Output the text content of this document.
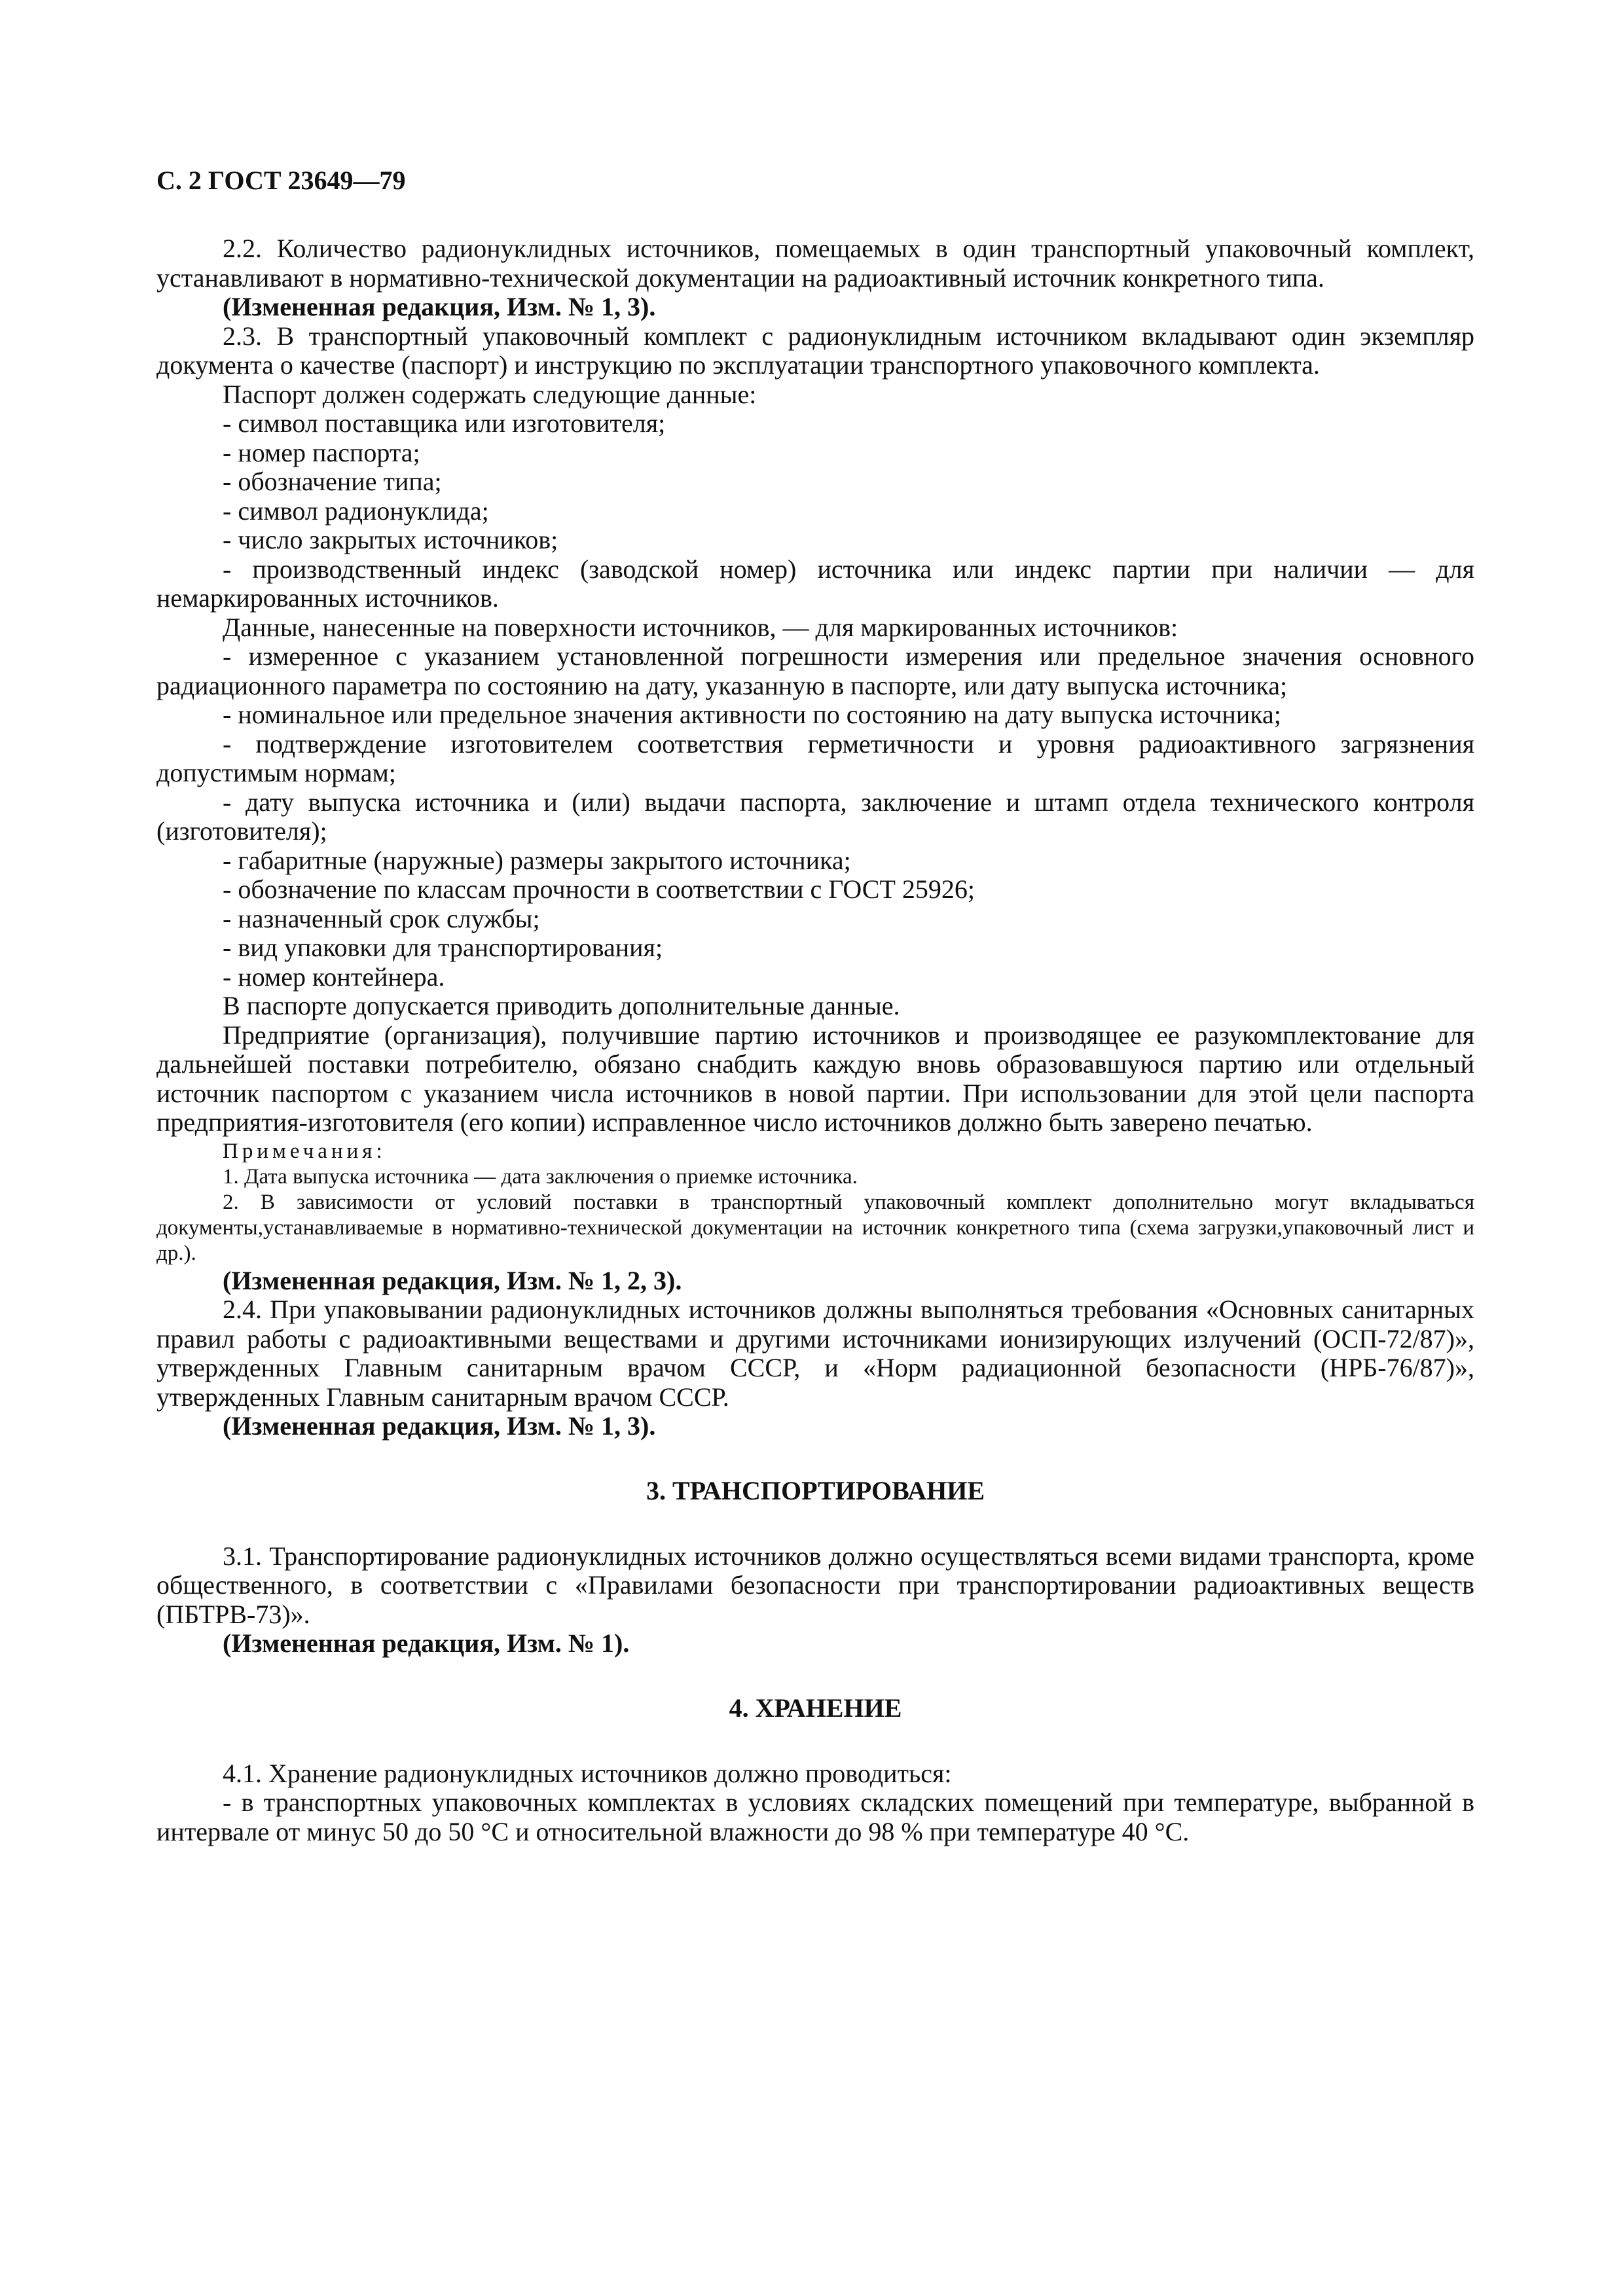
С. 2 ГОСТ 23649—79

2.2. Количество радионуклидных источников, помещаемых в один транспортный упаковочный комплект, устанавливают в нормативно-технической документации на радиоактивный источник конкретного типа.

(Измененная редакция, Изм. № 1, 3).

2.3. В транспортный упаковочный комплект с радионуклидным источником вкладывают один экземпляр документа о качестве (паспорт) и инструкцию по эксплуатации транспортного упаковочного комплекта.

Паспорт должен содержать следующие данные:

- символ поставщика или изготовителя;

- номер паспорта;

- обозначение типа;

- символ радионуклида;

- число закрытых источников;

- производственный индекс (заводской номер) источника или индекс партии при наличии — для немаркированных источников.

Данные, нанесенные на поверхности источников, — для маркированных источников:

- измеренное с указанием установленной погрешности измерения или предельное значения основного радиационного параметра по состоянию на дату, указанную в паспорте, или дату выпуска источника;

- номинальное или предельное значения активности по состоянию на дату выпуска источника;

- подтверждение изготовителем соответствия герметичности и уровня радиоактивного загрязнения допустимым нормам;

- дату выпуска источника и (или) выдачи паспорта, заключение и штамп отдела технического контроля (изготовителя);

- габаритные (наружные) размеры закрытого источника;

- обозначение по классам прочности в соответствии с ГОСТ 25926;

- назначенный срок службы;

- вид упаковки для транспортирования;

- номер контейнера.

В паспорте допускается приводить дополнительные данные.

Предприятие (организация), получившие партию источников и производящее ее разукомплектование для дальнейшей поставки потребителю, обязано снабдить каждую вновь образовавшуюся партию или отдельный источник паспортом с указанием числа источников в новой партии. При использовании для этой цели паспорта предприятия-изготовителя (его копии) исправленное число источников должно быть заверено печатью.

Примечания:

1. Дата выпуска источника — дата заключения о приемке источника.

2. В зависимости от условий поставки в транспортный упаковочный комплект дополнительно могут вкладываться документы,устанавливаемые в нормативно-технической документации на источник конкретного типа (схема загрузки,упаковочный лист и др.).

(Измененная редакция, Изм. № 1, 2, 3).

2.4. При упаковывании радионуклидных источников должны выполняться требования «Основных санитарных правил работы с радиоактивными веществами и другими источниками ионизирующих излучений (ОСП-72/87)», утвержденных Главным санитарным врачом СССР, и «Норм радиационной безопасности (НРБ-76/87)», утвержденных Главным санитарным врачом СССР.

(Измененная редакция, Изм. № 1, 3).

3. ТРАНСПОРТИРОВАНИЕ

3.1. Транспортирование радионуклидных источников должно осуществляться всеми видами транспорта, кроме общественного, в соответствии с «Правилами безопасности при транспортировании радиоактивных веществ (ПБТРВ-73)».

(Измененная редакция, Изм. № 1).

4. ХРАНЕНИЕ

4.1. Хранение радионуклидных источников должно проводиться:

- в транспортных упаковочных комплектах в условиях складских помещений при температуре, выбранной в интервале от минус 50 до 50 °С и относительной влажности до 98 % при температуре 40 °С.
